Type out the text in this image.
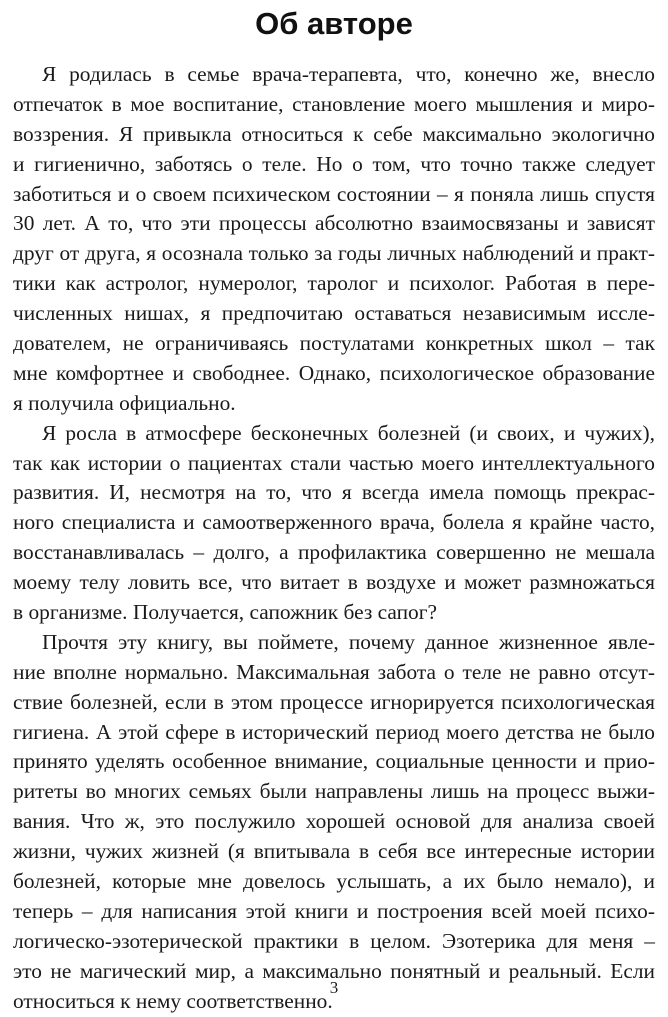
Об авторе
Я родилась в семье врача-терапевта, что, конечно же, внесло
отпечаток в мое воспитание, становление моего мышления и миро-
воззрения. Я привыкла относиться к себе максимально экологично
и гигиенично, заботясь о теле. Но о том, что точно также следует
заботиться и о своем психическом состоянии – я поняла лишь спустя
30 лет. А то, что эти процессы абсолютно взаимосвязаны и зависят
друг от друга, я осознала только за годы личных наблюдений и практ-
тики как астролог, нумеролог, таролог и психолог. Работая в пере-
численных нишах, я предпочитаю оставаться независимым исслe-
дователем, не ограничиваясь постулатами конкретных школ – так
мне комфортнее и свободнее. Однако, психологическое образование
я получила официально.
Я росла в атмосфере бесконечных болезней (и своих, и чужих),
так как истории о пациентах стали частью моего интеллектуального
развития. И, несмотря на то, что я всегда имела помощь прекрас-
ного специалиста и самоотверженного врача, болела я крайне часто,
восстанавливалась – долго, а профилактика совершенно не мешала
моему телу ловить все, что витает в воздухе и может размножаться
в организме. Получается, сапожник без сапог?
Прочтя эту книгу, вы поймете, почему данное жизненное явле-
ние вполне нормально. Максимальная забота о теле не равно отсут-
ствие болезней, если в этом процессе игнорируется психологическая
гигиена. А этой сфере в исторический период моего детства не было
принято уделять особенное внимание, социальные ценности и прио-
ритеты во многих семьях были направлены лишь на процесс выжи-
вания. Что ж, это послужило хорошей основой для анализа своей
жизни, чужих жизней (я впитывала в себя все интересные истории
болезней, которые мне довелось услышать, а их было немало), и
теперь – для написания этой книги и построения всей моей психо-
логическо-эзотерической практики в целом. Эзотерика для меня –
это не магический мир, а максимально понятный и реальный. Если
относиться к нему соответственно.
3
